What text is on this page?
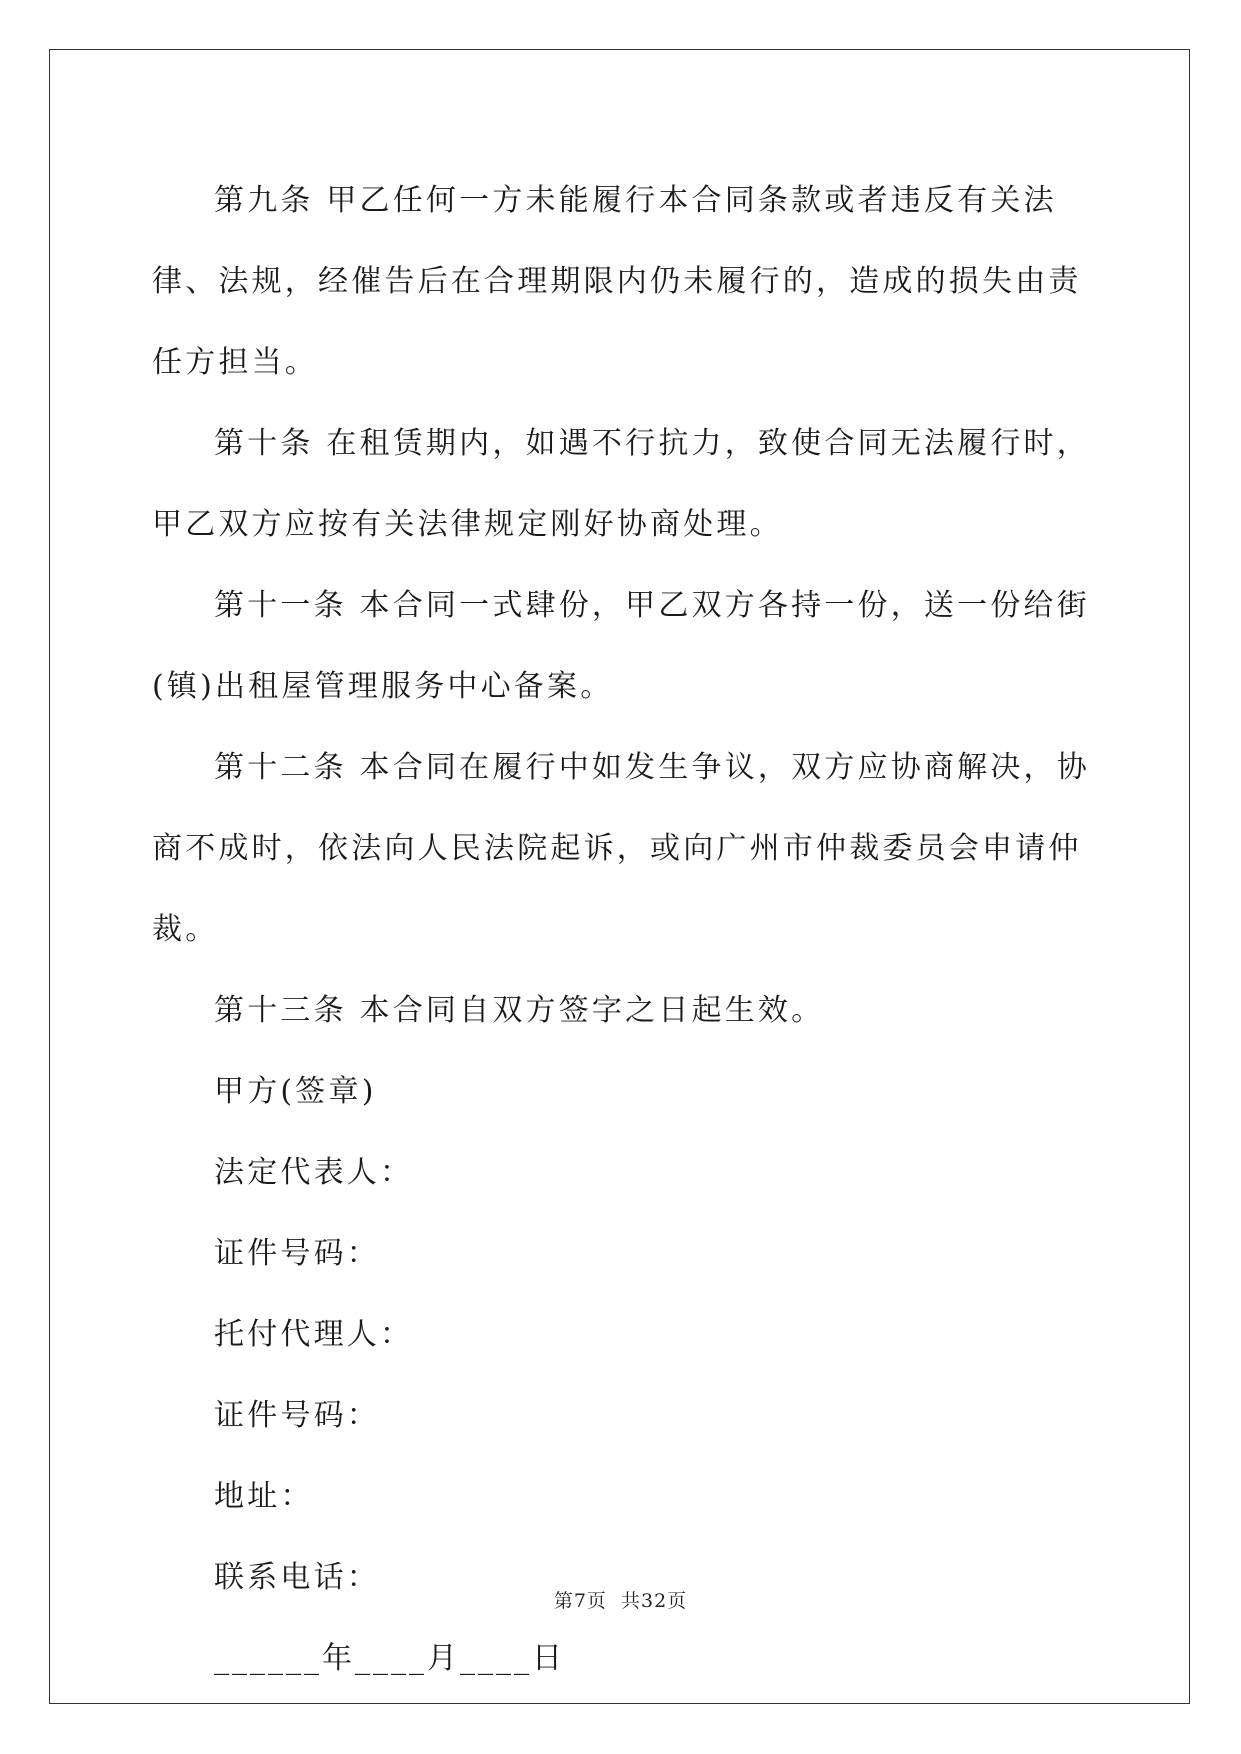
第九条 甲乙任何一方未能履行本合同条款或者违反有关法律、法规，经催告后在合理期限内仍未履行的，造成的损失由责任方担当。

第十条 在租赁期内，如遇不行抗力，致使合同无法履行时，甲乙双方应按有关法律规定刚好协商处理。

第十一条 本合同一式肆份，甲乙双方各持一份，送一份给街(镇)出租屋管理服务中心备案。

第十二条 本合同在履行中如发生争议，双方应协商解决，协商不成时，依法向人民法院起诉，或向广州市仲裁委员会申请仲裁。

第十三条 本合同自双方签字之日起生效。

甲方(签章)

法定代表人：

证件号码：

托付代理人：

证件号码：

地址：

联系电话：

______年____月____日

第7页  共32页
